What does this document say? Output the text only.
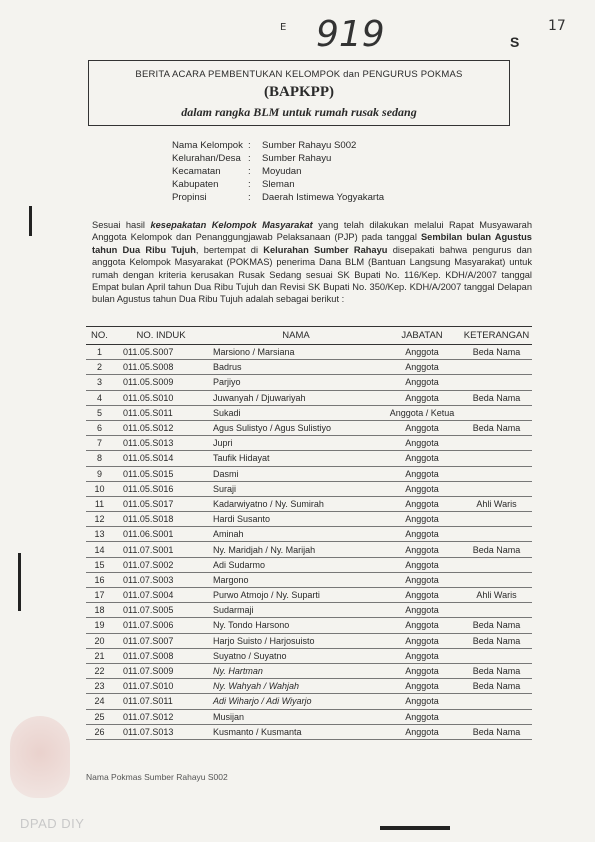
E 919	S
17
BERITA ACARA PEMBENTUKAN KELOMPOK dan PENGURUS POKMAS
(BAPKPP)
dalam rangka BLM untuk rumah rusak sedang
Nama Kelompok :	Sumber Rahayu S002
Kelurahan/Desa :	Sumber Rahayu
Kecamatan	:	Moyudan
Kabupaten	:	Sleman
Propinsi	:	Daerah Istimewa Yogyakarta
Sesuai hasil kesepakatan Kelompok Masyarakat yang telah dilakukan melalui Rapat Musyawarah Anggota Kelompok dan Penanggungjawab Pelaksanaan (PJP) pada tanggal Sembilan bulan Agustus tahun Dua Ribu Tujuh, bertempat di Kelurahan Sumber Rahayu disepakati bahwa pengurus dan anggota Kelompok Masyarakat (POKMAS) penerima Dana BLM (Bantuan Langsung Masyarakat) untuk rumah dengan kriteria kerusakan Rusak Sedang sesuai SK Bupati No. 116/Kep. KDH/A/2007 tanggal Empat bulan April tahun Dua Ribu Tujuh dan Revisi SK Bupati No. 350/Kep. KDH/A/2007 tanggal Delapan bulan Agustus tahun Dua Ribu Tujuh adalah sebagai berikut :
NO.	NO. INDUK	NAMA	JABATAN	KETERANGAN
1	011.05.S007	Marsiono / Marsiana	Anggota	Beda Nama
2	011.05.S008	Badrus	Anggota	
3	011.05.S009	Parjiyo	Anggota	
4	011.05.S010	Juwanyah / Djuwariyah	Anggota	Beda Nama
5	011.05.S011	Sukadi	Anggota / Ketua	
6	011.05.S012	Agus Sulistyo / Agus Sulistiyo	Anggota	Beda Nama
7	011.05.S013	Jupri	Anggota	
8	011.05.S014	Taufik Hidayat	Anggota	
9	011.05.S015	Dasmi	Anggota	
10	011.05.S016	Suraji	Anggota	
11	011.05.S017	Kadarwiyatno / Ny. Sumirah	Anggota	Ahli Waris
12	011.05.S018	Hardi Susanto	Anggota	
13	011.06.S001	Aminah	Anggota	
14	011.07.S001	Ny. Maridjah / Ny. Marijah	Anggota	Beda Nama
15	011.07.S002	Adi Sudarmo	Anggota	
16	011.07.S003	Margono	Anggota	
17	011.07.S004	Purwo Atmojo / Ny. Suparti	Anggota	Ahli Waris
18	011.07.S005	Sudarmaji	Anggota	
19	011.07.S006	Ny. Tondo Harsono	Anggota	Beda Nama
20	011.07.S007	Harjo Suisto / Harjosuisto	Anggota	Beda Nama
21	011.07.S008	Suyatno / Suyatno	Anggota	
22	011.07.S009	Ny. Hartman	Anggota	Beda Nama
23	011.07.S010	Ny. Wahyah / Wahjah	Anggota	Beda Nama
24	011.07.S011	Adi Wiharjo / Adi Wiyarjo	Anggota	
25	011.07.S012	Musijan	Anggota	
26	011.07.S013	Kusmanto / Kusmanta	Anggota	Beda Nama
Nama Pokmas Sumber Rahayu S002
DPAD DIY
